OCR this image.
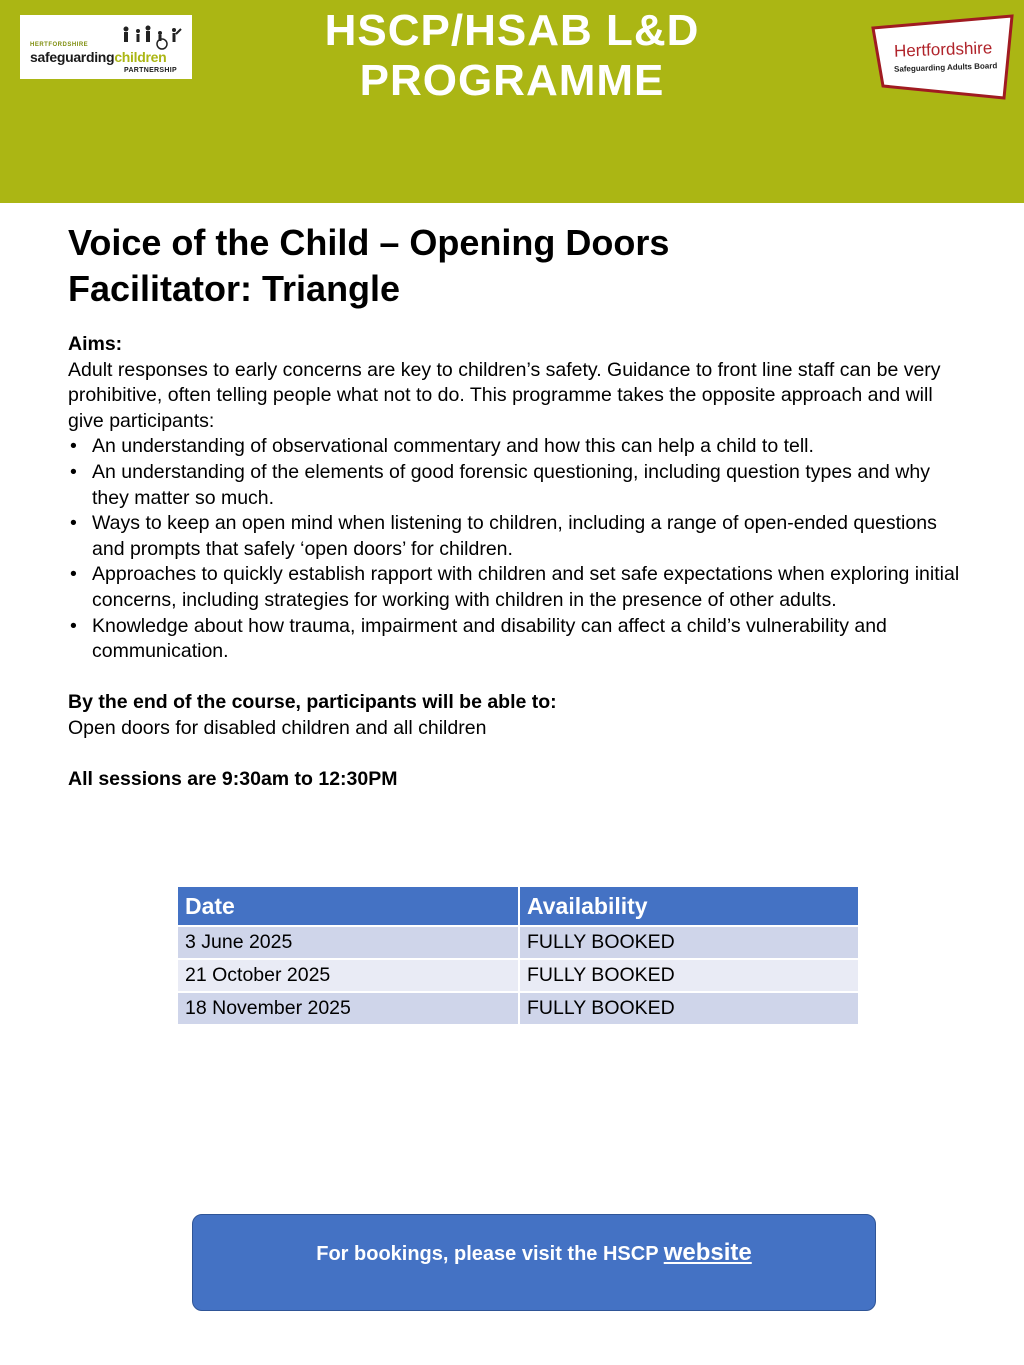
HERTFORDSHIRE
safeguardingchildren
PARTNERSHIP
HSCP/HSAB L&D
PROGRAMME
Hertfordshire
Safeguarding Adults Board
Voice of the Child – Opening Doors
Facilitator: Triangle
Aims:
Adult responses to early concerns are key to children’s safety. Guidance to front line staff can be very prohibitive, often telling people what not to do. This programme takes the opposite approach and will give participants:
• An understanding of observational commentary and how this can help a child to tell.
• An understanding of the elements of good forensic questioning, including question types and why they matter so much.
• Ways to keep an open mind when listening to children, including a range of open-ended questions and prompts that safely ‘open doors’ for children.
• Approaches to quickly establish rapport with children and set safe expectations when exploring initial concerns, including strategies for working with children in the presence of other adults.
• Knowledge about how trauma, impairment and disability can affect a child’s vulnerability and communication.
By the end of the course, participants will be able to:
Open doors for disabled children and all children
All sessions are 9:30am to 12:30PM
Date	Availability
3 June 2025	FULLY BOOKED
21 October 2025	FULLY BOOKED
18 November 2025	FULLY BOOKED
For bookings, please visit the HSCP website
